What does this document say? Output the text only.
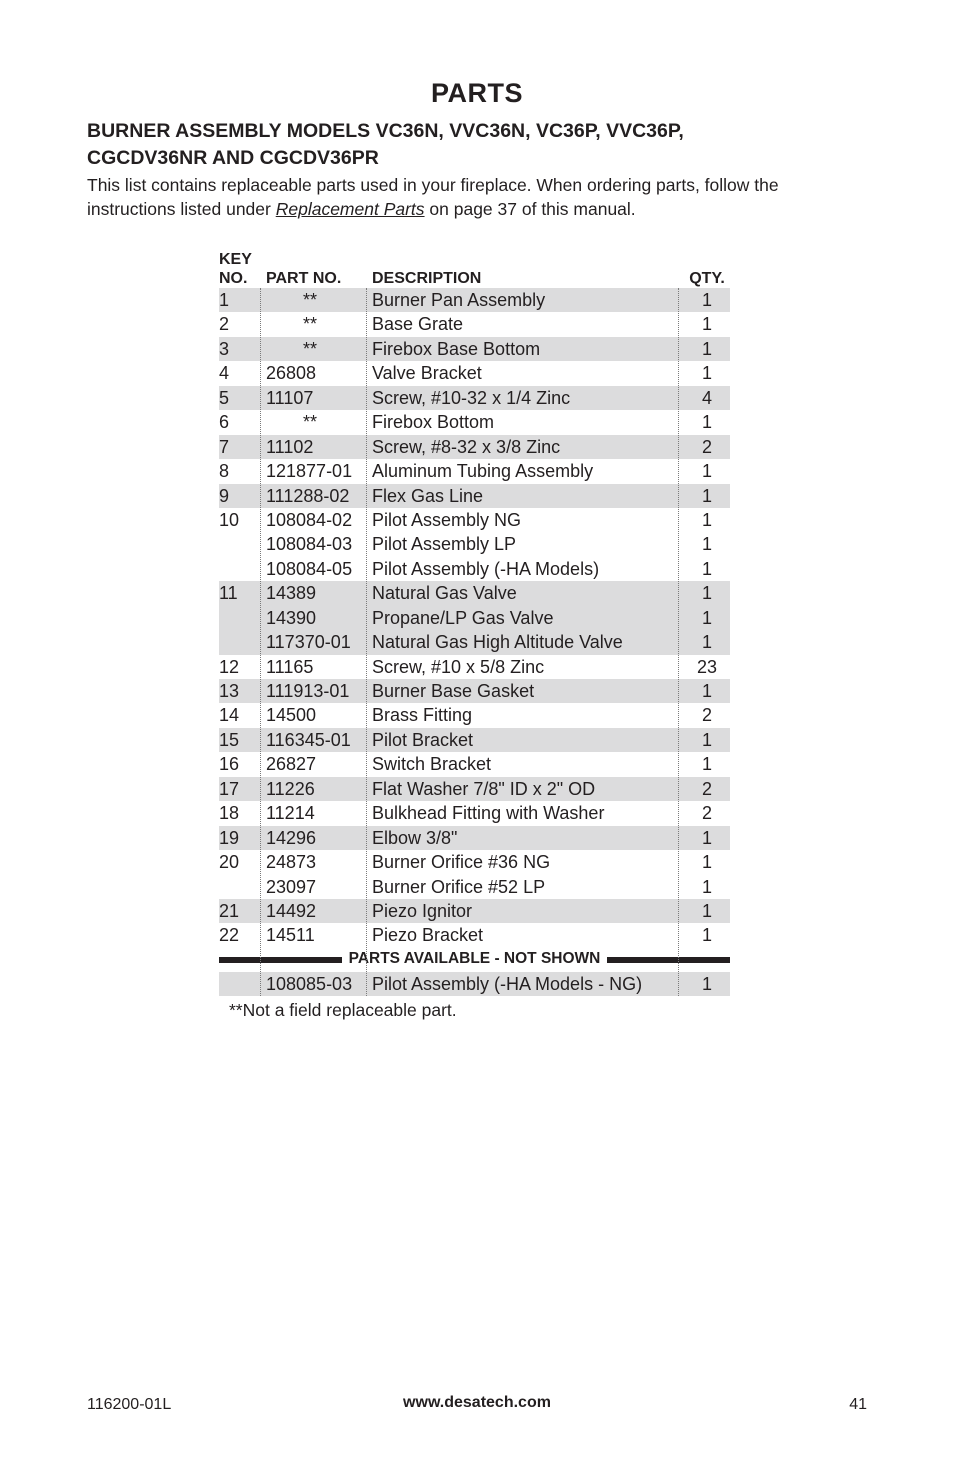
PARTS
BURNER ASSEMBLY MODELS VC36N, VVC36N, VC36P, VVC36P,
CGCDV36NR AND CGCDV36PR
This list contains replaceable parts used in your fireplace. When ordering parts, follow the
instructions listed under Replacement Parts on page 37 of this manual.
KEY
NO. PART NO. DESCRIPTION	QTY.
1	**	Burner Pan Assembly	1
2	**	Base Grate	1
3	**	Firebox Base Bottom	1
4 26808	Valve Bracket	1
5 11107	Screw, #10-32 x 1/4 Zinc	4
6	**	Firebox Bottom	1
7 11102	Screw, #8-32 x 3/8 Zinc	2
8 121877-01 Aluminum Tubing Assembly	1
9 111288-02 Flex Gas Line	1
10 108084-02 Pilot Assembly NG	1
108084-03 Pilot Assembly LP	1
108084-05 Pilot Assembly (-HA Models)	1
11 14389	Natural Gas Valve	1
14390	Propane/LP Gas Valve	1
117370-01 Natural Gas High Altitude Valve	1
12 11165	Screw, #10 x 5/8 Zinc	23
13 111913-01 Burner Base Gasket	1
14 14500	Brass Fitting	2
15 116345-01 Pilot Bracket	1
16 26827	Switch Bracket	1
17 11226	Flat Washer 7/8" ID x 2" OD	2
18 11214	Bulkhead Fitting with Washer	2
19 14296	Elbow 3/8"	1
20 24873	Burner Orifice #36 NG	1
23097	Burner Orifice #52 LP	1
21 14492	Piezo Ignitor	1
22 14511	Piezo Bracket	1
PARTS AVAILABLE - NOT SHOWN
108085-03 Pilot Assembly (-HA Models - NG)	1
**Not a field replaceable part.
116200-01L	www.desatech.com	41
